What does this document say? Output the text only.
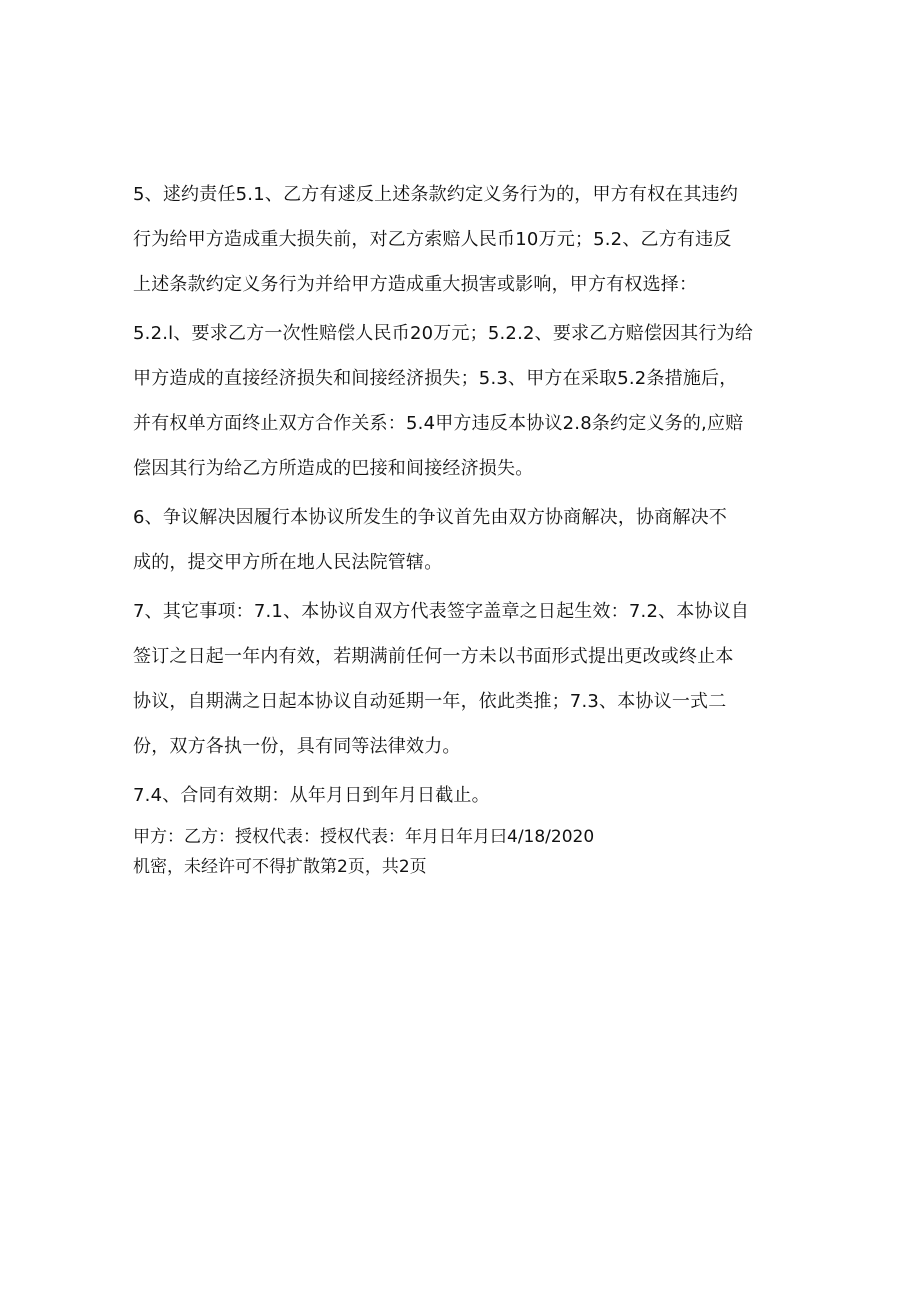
5、逑约责任5.1、乙方有逑反上述条款约定义务行为的，甲方有权在其违约
行为给甲方造成重大损失前，对乙方索赔人民币10万元；5.2、乙方有违反
上述条款约定义务行为并给甲方造成重大损害或影响，甲方有权选择：

5.2.l、要求乙方一次性赔偿人民币20万元；5.2.2、要求乙方赔偿因其行为给
甲方造成的直接经济损失和间接经济损失；5.3、甲方在采取5.2条措施后，
并有权单方面终止双方合作关系：5.4甲方违反本协议2.8条约定义务的,应赔
偿因其行为给乙方所造成的巴接和间接经济损失。

6、争议解决因履行本协议所发生的争议首先由双方协商解决，协商解决不
成的，提交甲方所在地人民法院管辖。

7、其它事项：7.1、本协议自双方代表签字盖章之日起生效：7.2、本协议自
签订之日起一年内有效，若期满前任何一方未以书面形式提出更改或终止本
协议，自期满之日起本协议自动延期一年，依此类推；7.3、本协议一式二
份，双方各执一份，具有同等法律效力。

7.4、合同有效期：从年月日到年月日截止。

甲方：乙方：授权代表：授权代表：年月日年月曰4/18/2020

机密，未经许可不得扩散第2页，共2页
